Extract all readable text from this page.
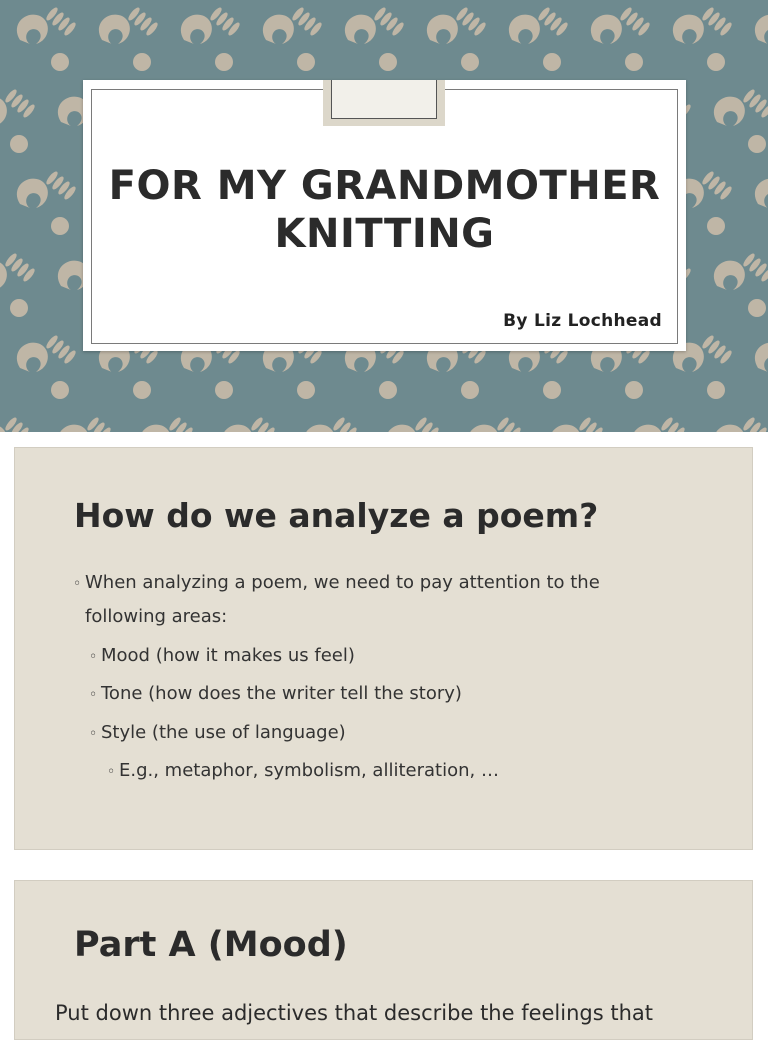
FOR MY GRANDMOTHER
KNITTING
By Liz Lochhead
How do we analyze a poem?
◦ When analyzing a poem, we need to pay attention to the
following areas:
◦ Mood (how it makes us feel)
◦ Tone (how does the writer tell the story)
◦ Style (the use of language)
◦ E.g., metaphor, symbolism, alliteration, …
Part A (Mood)
Put down three adjectives that describe the feelings that
